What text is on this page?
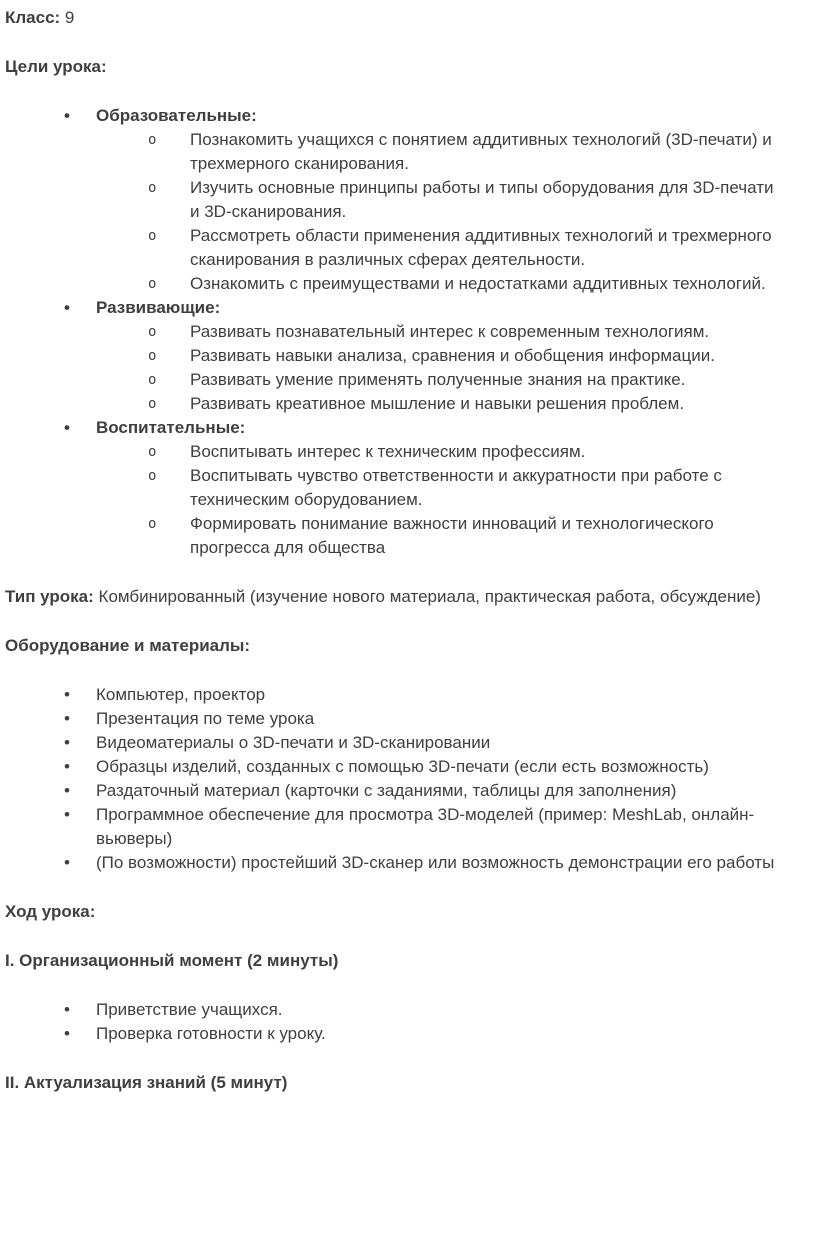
Класс: 9

Цели урока:

•	Образовательные:
o	Познакомить учащихся с понятием аддитивных технологий (3D-печати) и трехмерного сканирования.
o	Изучить основные принципы работы и типы оборудования для 3D-печати и 3D-сканирования.
o	Рассмотреть области применения аддитивных технологий и трехмерного сканирования в различных сферах деятельности.
o	Ознакомить с преимуществами и недостатками аддитивных технологий.
•	Развивающие:
o	Развивать познавательный интерес к современным технологиям.
o	Развивать навыки анализа, сравнения и обобщения информации.
o	Развивать умение применять полученные знания на практике.
o	Развивать креативное мышление и навыки решения проблем.
•	Воспитательные:
o	Воспитывать интерес к техническим профессиям.
o	Воспитывать чувство ответственности и аккуратности при работе с техническим оборудованием.
o	Формировать понимание важности инноваций и технологического прогресса для общества

Тип урока: Комбинированный (изучение нового материала, практическая работа, обсуждение)

Оборудование и материалы:

•	Компьютер, проектор
•	Презентация по теме урока
•	Видеоматериалы о 3D-печати и 3D-сканировании
•	Образцы изделий, созданных с помощью 3D-печати (если есть возможность)
•	Раздаточный материал (карточки с заданиями, таблицы для заполнения)
•	Программное обеспечение для просмотра 3D-моделей (пример: MeshLab, онлайн-вьюверы)
•	(По возможности) простейший 3D-сканер или возможность демонстрации его работы

Ход урока:

I. Организационный момент (2 минуты)

•	Приветствие учащихся.
•	Проверка готовности к уроку.

II. Актуализация знаний (5 минут)
